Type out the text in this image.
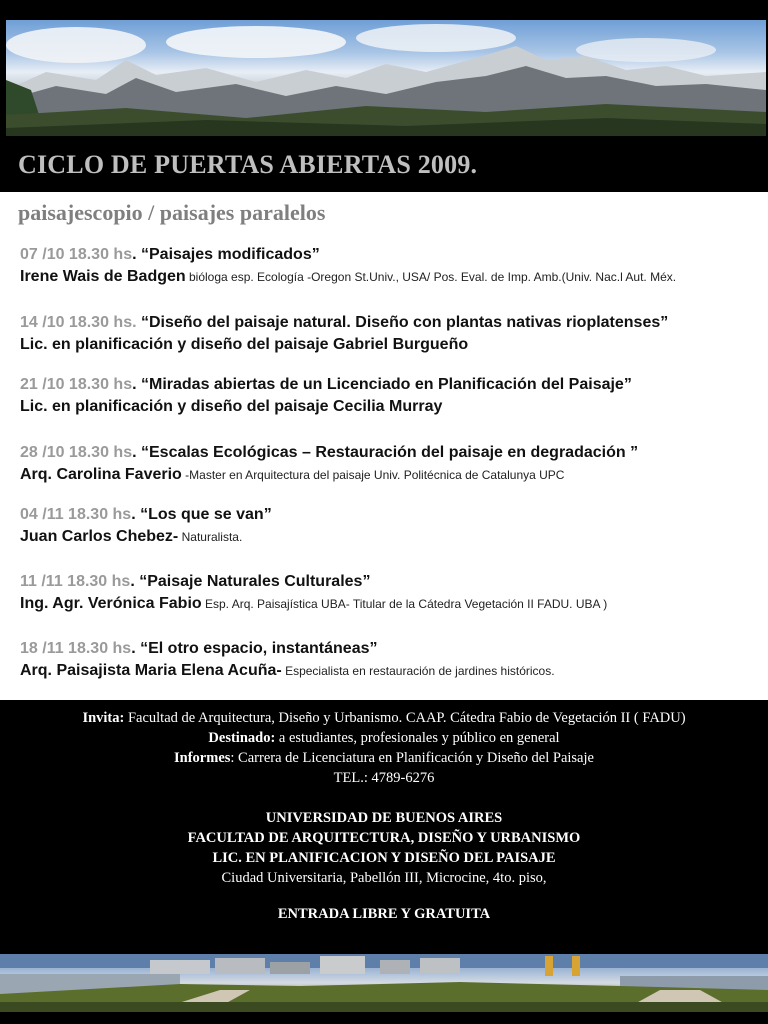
CICLO DE PUERTAS ABIERTAS 2009.
paisajescopio / paisajes paralelos
07 /10 18.30 hs. “Paisajes modificados”
Irene Wais de Badgen bióloga esp. Ecología -Oregon St.Univ., USA/ Pos. Eval. de Imp. Amb.(Univ. Nac.l Aut. Méx.
14 /10 18.30 hs. “Diseño del paisaje natural. Diseño con plantas nativas rioplatenses”
Lic. en planificación y diseño del paisaje Gabriel Burgueño
21 /10 18.30 hs. “Miradas abiertas de un Licenciado en Planificación del Paisaje”
Lic. en planificación y diseño del paisaje Cecilia Murray
28 /10 18.30 hs. “Escalas Ecológicas – Restauración del paisaje en degradación ”
Arq. Carolina Faverio -Master en Arquitectura del paisaje Univ. Politécnica de Catalunya UPC
04 /11 18.30 hs. “Los que se van”
Juan Carlos Chebez- Naturalista.
11 /11 18.30 hs. “Paisaje Naturales Culturales”
Ing. Agr. Verónica Fabio Esp. Arq. Paisajística UBA- Titular de la Cátedra Vegetación II FADU. UBA )
18 /11 18.30 hs. “El otro espacio, instantáneas”
Arq. Paisajista Maria Elena Acuña- Especialista en restauración de jardines históricos.
Invita: Facultad de Arquitectura, Diseño y Urbanismo. CAAP. Cátedra Fabio de Vegetación II ( FADU)
Destinado: a estudiantes, profesionales y público en general
Informes: Carrera de Licenciatura en Planificación y Diseño del Paisaje
TEL.: 4789-6276
UNIVERSIDAD DE BUENOS AIRES
FACULTAD DE ARQUITECTURA, DISEÑO Y URBANISMO
LIC. EN PLANIFICACION Y DISEÑO DEL PAISAJE
Ciudad Universitaria, Pabellón III, Microcine, 4to. piso,
ENTRADA LIBRE Y GRATUITA
